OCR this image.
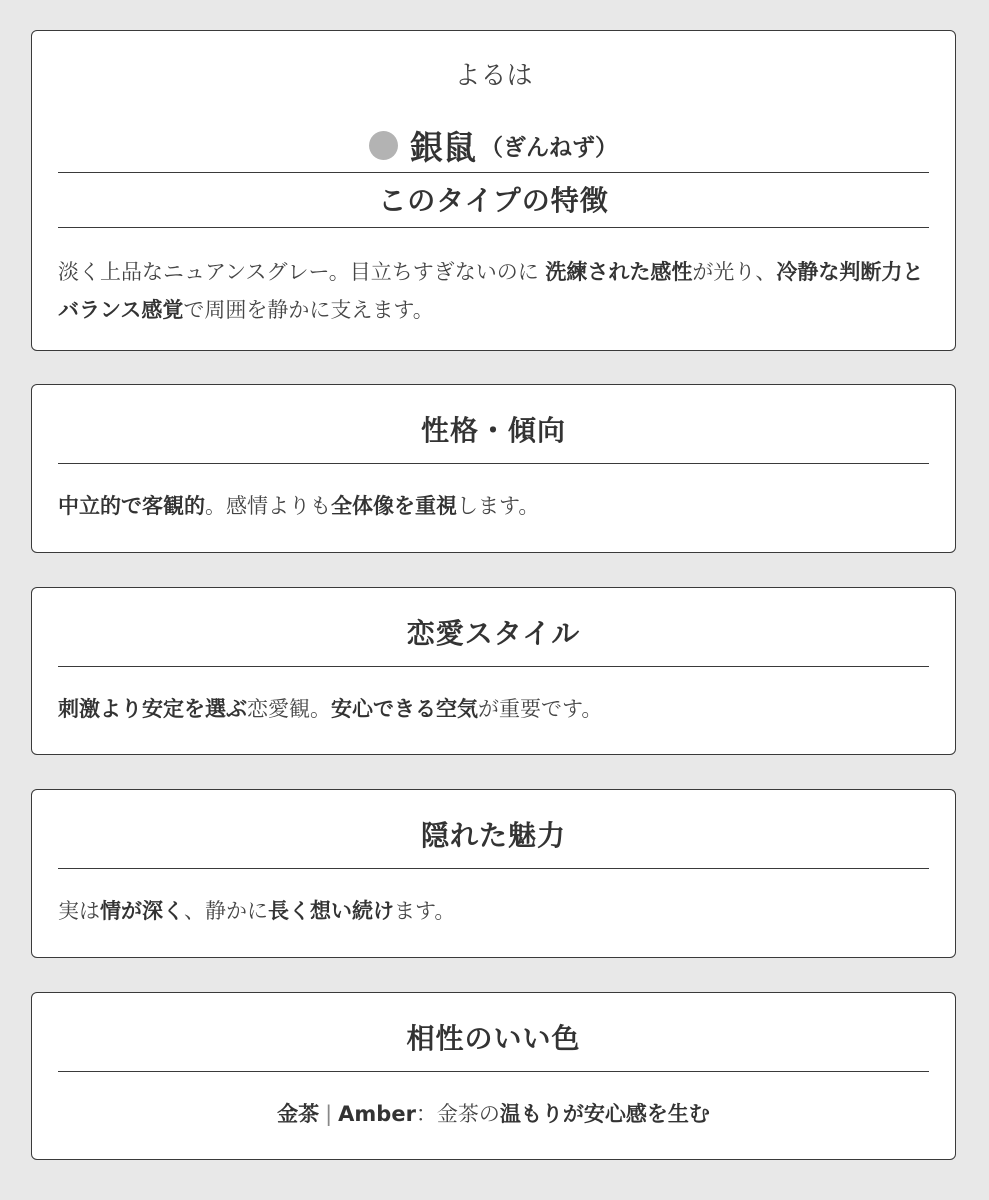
よるは
銀鼠 （ぎんねず）
このタイプの特徴
淡く上品なニュアンスグレー。目立ちすぎないのに 洗練された感性が光り、冷静な判断力とバランス感覚で周囲を静かに支えます。
性格・傾向
中立的で客観的。感情よりも全体像を重視します。
恋愛スタイル
刺激より安定を選ぶ恋愛観。安心できる空気が重要です。
隠れた魅力
実は情が深く、静かに長く想い続けます。
相性のいい色
金茶 | Amber：金茶の温もりが安心感を生む
